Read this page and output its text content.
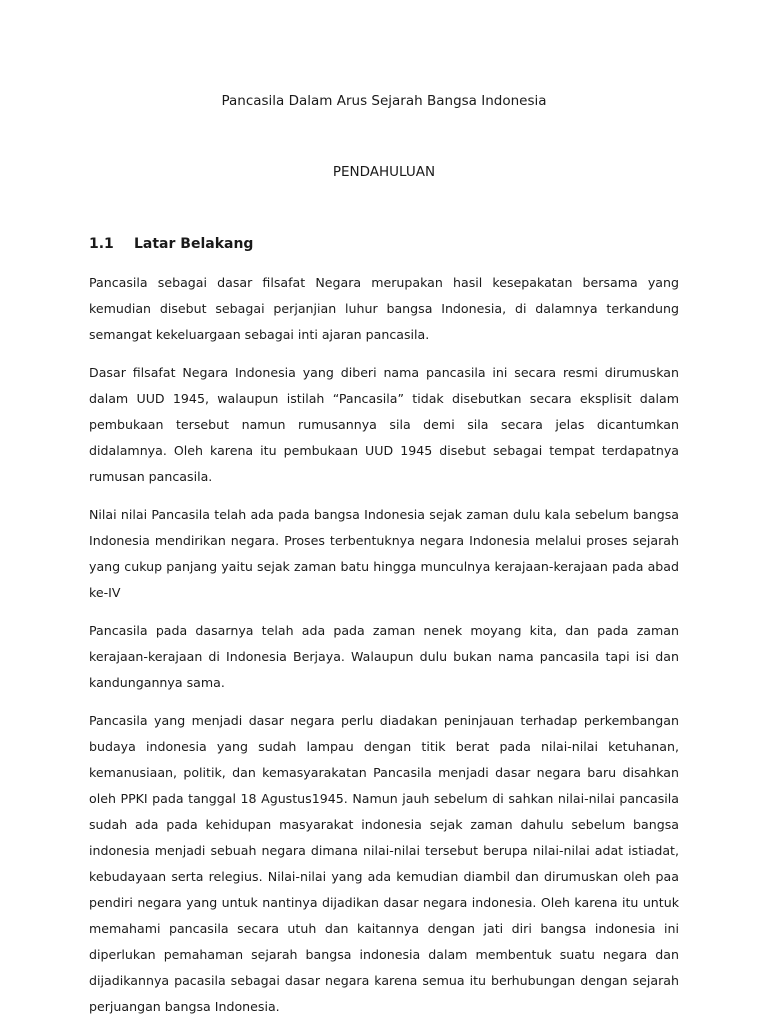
Pancasila Dalam Arus Sejarah Bangsa Indonesia
PENDAHULUAN
1.1	Latar Belakang

Pancasila sebagai dasar filsafat Negara merupakan hasil kesepakatan bersama yang kemudian disebut sebagai perjanjian luhur bangsa Indonesia, di dalamnya terkandung semangat kekeluargaan sebagai inti ajaran pancasila.

Dasar filsafat Negara Indonesia yang diberi nama pancasila ini secara resmi dirumuskan dalam UUD 1945, walaupun istilah “Pancasila” tidak disebutkan secara eksplisit dalam pembukaan tersebut namun rumusannya sila demi sila secara jelas dicantumkan didalamnya. Oleh karena itu pembukaan UUD 1945 disebut sebagai tempat terdapatnya rumusan pancasila.

Nilai nilai Pancasila telah ada pada bangsa Indonesia sejak zaman dulu kala sebelum bangsa Indonesia mendirikan negara. Proses terbentuknya negara Indonesia melalui proses sejarah yang cukup panjang yaitu sejak zaman batu hingga munculnya kerajaan-kerajaan pada abad ke-IV

Pancasila pada dasarnya telah ada pada zaman nenek moyang kita, dan pada zaman kerajaan-kerajaan di Indonesia Berjaya. Walaupun dulu bukan nama pancasila tapi isi dan kandungannya sama.

Pancasila yang menjadi dasar negara perlu diadakan peninjauan terhadap perkembangan budaya indonesia yang sudah lampau dengan titik berat pada nilai-nilai ketuhanan, kemanusiaan, politik, dan kemasyarakatan Pancasila menjadi dasar negara baru disahkan oleh PPKI pada tanggal 18 Agustus1945. Namun jauh sebelum di sahkan nilai-nilai pancasila sudah ada pada kehidupan masyarakat indonesia sejak zaman dahulu sebelum bangsa indonesia menjadi sebuah negara dimana nilai-nilai tersebut berupa nilai-nilai adat istiadat, kebudayaan serta relegius. Nilai-nilai yang ada kemudian diambil dan dirumuskan oleh paa pendiri negara yang untuk nantinya dijadikan dasar negara indonesia. Oleh karena itu untuk memahami pancasila secara utuh dan kaitannya dengan jati diri bangsa indonesia ini diperlukan pemahaman sejarah bangsa indonesia dalam membentuk suatu negara dan dijadikannya pacasila sebagai dasar negara karena semua itu berhubungan dengan sejarah perjuangan bangsa Indonesia.
